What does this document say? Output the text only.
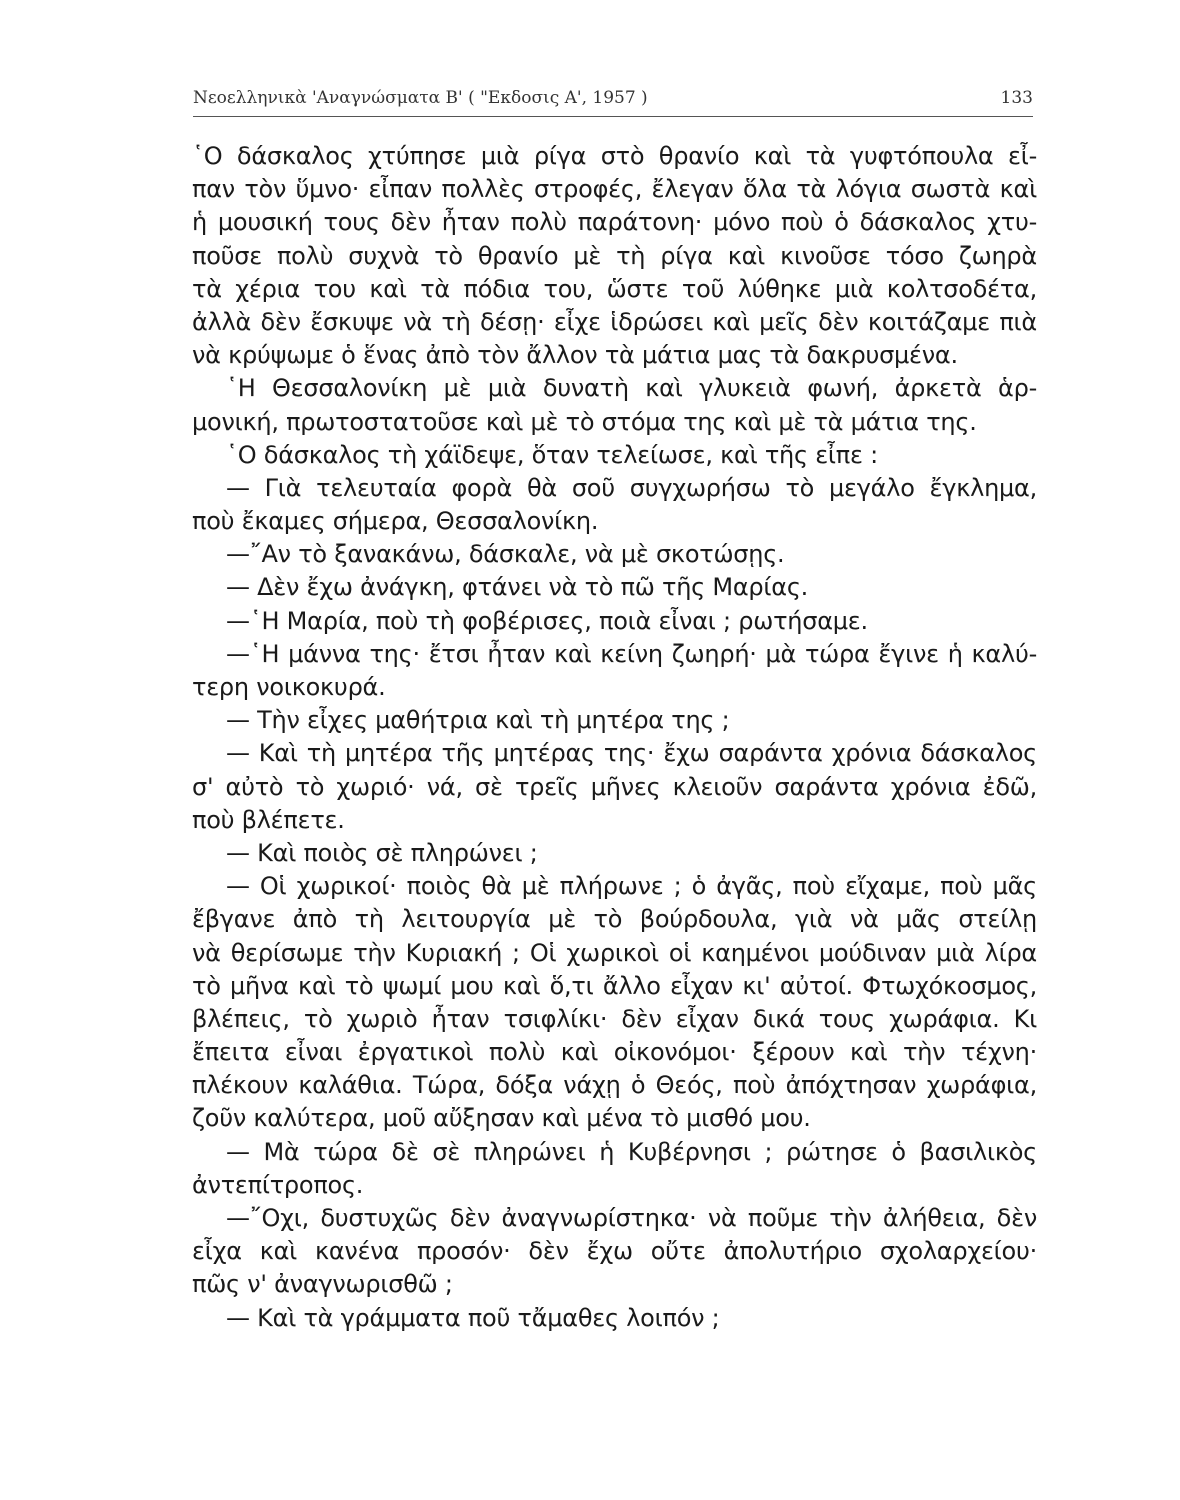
Νεοελληνικὰ 'Αναγνώσματα Β' ( "Εκδοσις Α', 1957 )	133
῾Ο δάσκαλος χτύπησε μιὰ ρίγα στὸ θρανίο καὶ τὰ γυφτόπουλα εἶ-
παν τὸν ὕμνο· εἶπαν πολλὲς στροφές, ἔλεγαν ὅλα τὰ λόγια σωστὰ καὶ
ἡ μουσική τους δὲν ἦταν πολὺ παράτονη· μόνο ποὺ ὁ δάσκαλος χτυ-
ποῦσε πολὺ συχνὰ τὸ θρανίο μὲ τὴ ρίγα καὶ κινοῦσε τόσο ζωηρὰ
τὰ χέρια του καὶ τὰ πόδια του, ὥστε τοῦ λύθηκε μιὰ κολτσοδέτα,
ἀλλὰ δὲν ἔσκυψε νὰ τὴ δέσῃ· εἶχε ἱδρώσει καὶ μεῖς δὲν κοιτάζαμε πιὰ
νὰ κρύψωμε ὁ ἕνας ἀπὸ τὸν ἄλλον τὰ μάτια μας τὰ δακρυσμένα.
῾Η Θεσσαλονίκη μὲ μιὰ δυνατὴ καὶ γλυκειὰ φωνή, ἀρκετὰ ἁρ-
μονική, πρωτοστατοῦσε καὶ μὲ τὸ στόμα της καὶ μὲ τὰ μάτια της.
῾Ο δάσκαλος τὴ χάϊδεψε, ὅταν τελείωσε, καὶ τῆς εἶπε :
— Γιὰ τελευταία φορὰ θὰ σοῦ συγχωρήσω τὸ μεγάλο ἔγκλημα,
ποὺ ἔκαμες σήμερα, Θεσσαλονίκη.
—῎Αν τὸ ξανακάνω, δάσκαλε, νὰ μὲ σκοτώσῃς.
— Δὲν ἔχω ἀνάγκη, φτάνει νὰ τὸ πῶ τῆς Μαρίας.
—῾Η Μαρία, ποὺ τὴ φοβέρισες, ποιὰ εἶναι ; ρωτήσαμε.
—῾Η μάννα της· ἔτσι ἦταν καὶ κείνη ζωηρή· μὰ τώρα ἔγινε ἡ καλύ-
τερη νοικοκυρά.
— Τὴν εἶχες μαθήτρια καὶ τὴ μητέρα της ;
— Καὶ τὴ μητέρα τῆς μητέρας της· ἔχω σαράντα χρόνια δάσκαλος
σ' αὐτὸ τὸ χωριό· νά, σὲ τρεῖς μῆνες κλειοῦν σαράντα χρόνια ἐδῶ,
ποὺ βλέπετε.
— Καὶ ποιὸς σὲ πληρώνει ;
— Οἱ χωρικοί· ποιὸς θὰ μὲ πλήρωνε ; ὁ ἀγᾶς, ποὺ εἴχαμε, ποὺ μᾶς
ἔβγανε ἀπὸ τὴ λειτουργία μὲ τὸ βούρδουλα, γιὰ νὰ μᾶς στείλῃ
νὰ θερίσωμε τὴν Κυριακή ; Οἱ χωρικοὶ οἱ καημένοι μούδιναν μιὰ λίρα
τὸ μῆνα καὶ τὸ ψωμί μου καὶ ὅ,τι ἄλλο εἶχαν κι' αὐτοί. Φτωχόκοσμος,
βλέπεις, τὸ χωριὸ ἦταν τσιφλίκι· δὲν εἶχαν δικά τους χωράφια. Κι
ἔπειτα εἶναι ἐργατικοὶ πολὺ καὶ οἰκονόμοι· ξέρουν καὶ τὴν τέχνη·
πλέκουν καλάθια. Τώρα, δόξα νάχῃ ὁ Θεός, ποὺ ἀπόχτησαν χωράφια,
ζοῦν καλύτερα, μοῦ αὔξησαν καὶ μένα τὸ μισθό μου.
— Μὰ τώρα δὲ σὲ πληρώνει ἡ Κυβέρνησι ; ρώτησε ὁ βασιλικὸς
ἀντεπίτροπος.
—῎Οχι, δυστυχῶς δὲν ἀναγνωρίστηκα· νὰ ποῦμε τὴν ἀλήθεια, δὲν
εἶχα καὶ κανένα προσόν· δὲν ἔχω οὔτε ἀπολυτήριο σχολαρχείου·
πῶς ν' ἀναγνωρισθῶ ;
— Καὶ τὰ γράμματα ποῦ τἄμαθες λοιπόν ;
